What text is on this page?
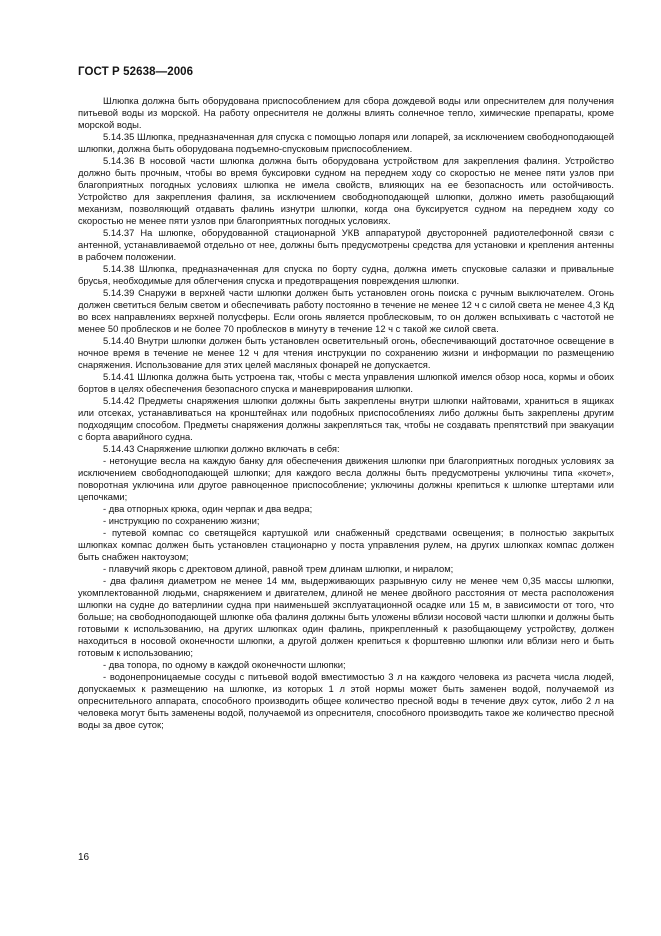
ГОСТ Р 52638—2006

Шлюпка должна быть оборудована приспособлением для сбора дождевой воды или опреснителем для получения питьевой воды из морской. На работу опреснителя не должны влиять солнечное тепло, химические препараты, кроме морской воды.

5.14.35 Шлюпка, предназначенная для спуска с помощью лопаря или лопарей, за исключением свободноподающей шлюпки, должна быть оборудована подъемно-спусковым приспособлением.

5.14.36 В носовой части шлюпка должна быть оборудована устройством для закрепления фалиня. Устройство должно быть прочным, чтобы во время буксировки судном на переднем ходу со скоростью не менее пяти узлов при благоприятных погодных условиях шлюпка не имела свойств, влияющих на ее безопасность или остойчивость. Устройство для закрепления фалиня, за исключением свободноподающей шлюпки, должно иметь разобщающий механизм, позволяющий отдавать фалинь изнутри шлюпки, когда она буксируется судном на переднем ходу со скоростью не менее пяти узлов при благоприятных погодных условиях.

5.14.37 На шлюпке, оборудованной стационарной УКВ аппаратурой двусторонней радиотелефонной связи с антенной, устанавливаемой отдельно от нее, должны быть предусмотрены средства для установки и крепления антенны в рабочем положении.

5.14.38 Шлюпка, предназначенная для спуска по борту судна, должна иметь спусковые салазки и привальные брусья, необходимые для облегчения спуска и предотвращения повреждения шлюпки.

5.14.39 Снаружи в верхней части шлюпки должен быть установлен огонь поиска с ручным выключателем. Огонь должен светиться белым светом и обеспечивать работу постоянно в течение не менее 12 ч с силой света не менее 4,3 Кд во всех направлениях верхней полусферы. Если огонь является проблесковым, то он должен вспыхивать с частотой не менее 50 проблесков и не более 70 проблесков в минуту в течение 12 ч с такой же силой света.

5.14.40 Внутри шлюпки должен быть установлен осветительный огонь, обеспечивающий достаточное освещение в ночное время в течение не менее 12 ч для чтения инструкции по сохранению жизни и информации по размещению снаряжения. Использование для этих целей масляных фонарей не допускается.

5.14.41 Шлюпка должна быть устроена так, чтобы с места управления шлюпкой имелся обзор носа, кормы и обоих бортов в целях обеспечения безопасного спуска и маневрирования шлюпки.

5.14.42 Предметы снаряжения шлюпки должны быть закреплены внутри шлюпки найтовами, храниться в ящиках или отсеках, устанавливаться на кронштейнах или подобных приспособлениях либо должны быть закреплены другим подходящим способом. Предметы снаряжения должны закрепляться так, чтобы не создавать препятствий при эвакуации с борта аварийного судна.

5.14.43 Снаряжение шлюпки должно включать в себя:

- нетонущие весла на каждую банку для обеспечения движения шлюпки при благоприятных погодных условиях за исключением свободноподающей шлюпки; для каждого весла должны быть предусмотрены уключины типа «кочет», поворотная уключина или другое равноценное приспособление; уключины должны крепиться к шлюпке штертами или цепочками;

- два отпорных крюка, один черпак и два ведра;

- инструкцию по сохранению жизни;

- путевой компас со светящейся картушкой или снабженный средствами освещения; в полностью закрытых шлюпках компас должен быть установлен стационарно у поста управления рулем, на других шлюпках компас должен быть снабжен нактоузом;

- плавучий якорь с дректовом длиной, равной трем длинам шлюпки, и ниралом;

- два фалиня диаметром не менее 14 мм, выдерживающих разрывную силу не менее чем 0,35 массы шлюпки, укомплектованной людьми, снаряжением и двигателем, длиной не менее двойного расстояния от места расположения шлюпки на судне до ватерлинии судна при наименьшей эксплуатационной осадке или 15 м, в зависимости от того, что больше; на свободноподающей шлюпке оба фалиня должны быть уложены вблизи носовой части шлюпки и должны быть готовыми к использованию, на других шлюпках один фалинь, прикрепленный к разобщающему устройству, должен находиться в носовой оконечности шлюпки, а другой должен крепиться к форштевню шлюпки или вблизи него и быть готовым к использованию;

- два топора, по одному в каждой оконечности шлюпки;

- водонепроницаемые сосуды с питьевой водой вместимостью 3 л на каждого человека из расчета числа людей, допускаемых к размещению на шлюпке, из которых 1 л этой нормы может быть заменен водой, получаемой из опреснительного аппарата, способного производить общее количество пресной воды в течение двух суток, либо 2 л на человека могут быть заменены водой, получаемой из опреснителя, способного производить такое же количество пресной воды за двое суток;

16
